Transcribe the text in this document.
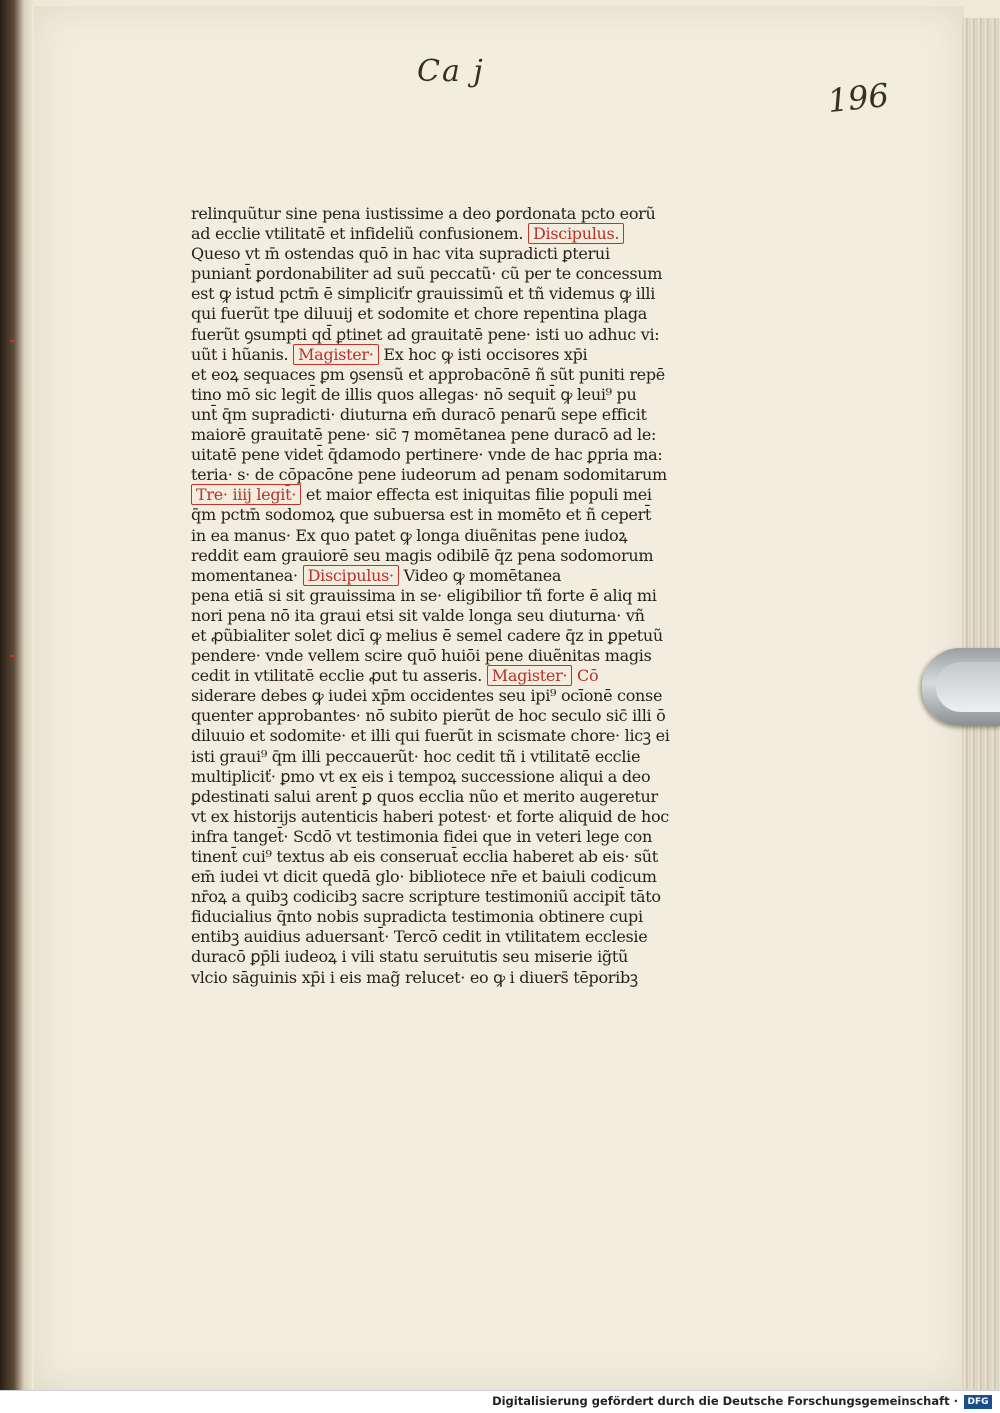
Ca j
196
relinquũtur sine pena iustissime a deo ꝑordonata pcto eorũ
ad ecclie vtilitatē et infideliũ confusionem. Discipulus.
Queso vt m̄ ostendas quō in hac vita supradicti ꝑterui
puniant̄ ꝑordonabiliter ad suũ peccatũ· cũ per te concessum
est ꝙ istud pctm̄ ē simpliciťr grauissimũ et tñ videmus ꝙ illi
qui fuerũt tpe diluuij et sodomite et chore repentina plaga
fuerũt ꝯsumpti qd̄ ꝑtinet ad grauitatē pene· isti uo adhuc vi:
uũt i hũanis. Magister· Ex hoc ꝙ isti occisores xp̄i
et eoꝝ sequaces ꝑm ꝯsensũ et approbacōnē ñ sũt puniti repē
tino mō sic legit̄ de illis quos allegas· nō sequit̄ ꝙ leui⁹ pu
unt̄ q̄m supradicti· diuturna em̄ duracō penarũ sepe efficit
maiorē grauitatē pene· sic̄ ⁊ momētanea pene duracō ad le:
uitatē pene videt̄ q̄damodo pertinere· vnde de hac ꝑpria ma:
teria· s· de cōpacōne pene iudeorum ad penam sodomitarum
Tre· iiij legit̄· et maior effecta est iniquitas filie populi mei
q̄m pctm̄ sodomoꝝ que subuersa est in momēto et ñ cepert̄
in ea manus· Ex quo patet ꝙ longa diuẽnitas pene iudoꝝ
reddit eam grauiorē seu magis odibilē q̄z pena sodomorum
momentanea· Discipulus· Video ꝙ momētanea
pena etiā si sit grauissima in se· eligibilior tñ forte ē aliq mi
nori pena nō ita graui etsi sit valde longa seu diuturna· vñ
et ꝓũbialiter solet dicī ꝙ melius ē semel cadere q̄z in ꝑpetuũ
pendere· vnde vellem scire quō huiōi pene diuẽnitas magis
cedit in vtilitatē ecclie ꝓut tu asseris. Magister· Cō
siderare debes ꝙ iudei xp̄m occidentes seu ipi⁹ ocīonē conse
quenter approbantes· nō subito pierũt de hoc seculo sic̄ illi ō
diluuio et sodomite· et illi qui fuerũt in scismate chore· licꝫ ei
isti graui⁹ q̄m illi peccauerũt· hoc cedit tñ i vtilitatē ecclie
multipliciť· ꝑmo vt ex eis i tempoꝝ successione aliqui a deo
ꝑdestinati salui arent̄ ꝑ quos ecclia nũo et merito augeretur
vt ex historijs autenticis haberi potest· et forte aliquid de hoc
infra tanget̄· Scdō vt testimonia fidei que in veteri lege con
tinent̄ cui⁹ textus ab eis conseruat̄ ecclia haberet ab eis· sũt
em̄ iudei vt dicit quedā glo· bibliotece nr̄e et baiuli codicum
nr̄oꝝ a quibꝫ codicibꝫ sacre scripture testimoniũ accipit̄ tāto
fiducialius q̄nto nobis supradicta testimonia obtinere cupi
entibꝫ auidius aduersant̄· Tercō cedit in vtilitatem ecclesie
duracō ꝑp̄li iudeoꝝ i vili statu seruitutis seu miserie ig̃tũ
vlcio sāguinis xp̄i i eis mag̃ relucet· eo ꝙ i diuers̄ tēporibꝫ
Digitalisierung gefördert durch die Deutsche Forschungsgemeinschaft ·	DFG
